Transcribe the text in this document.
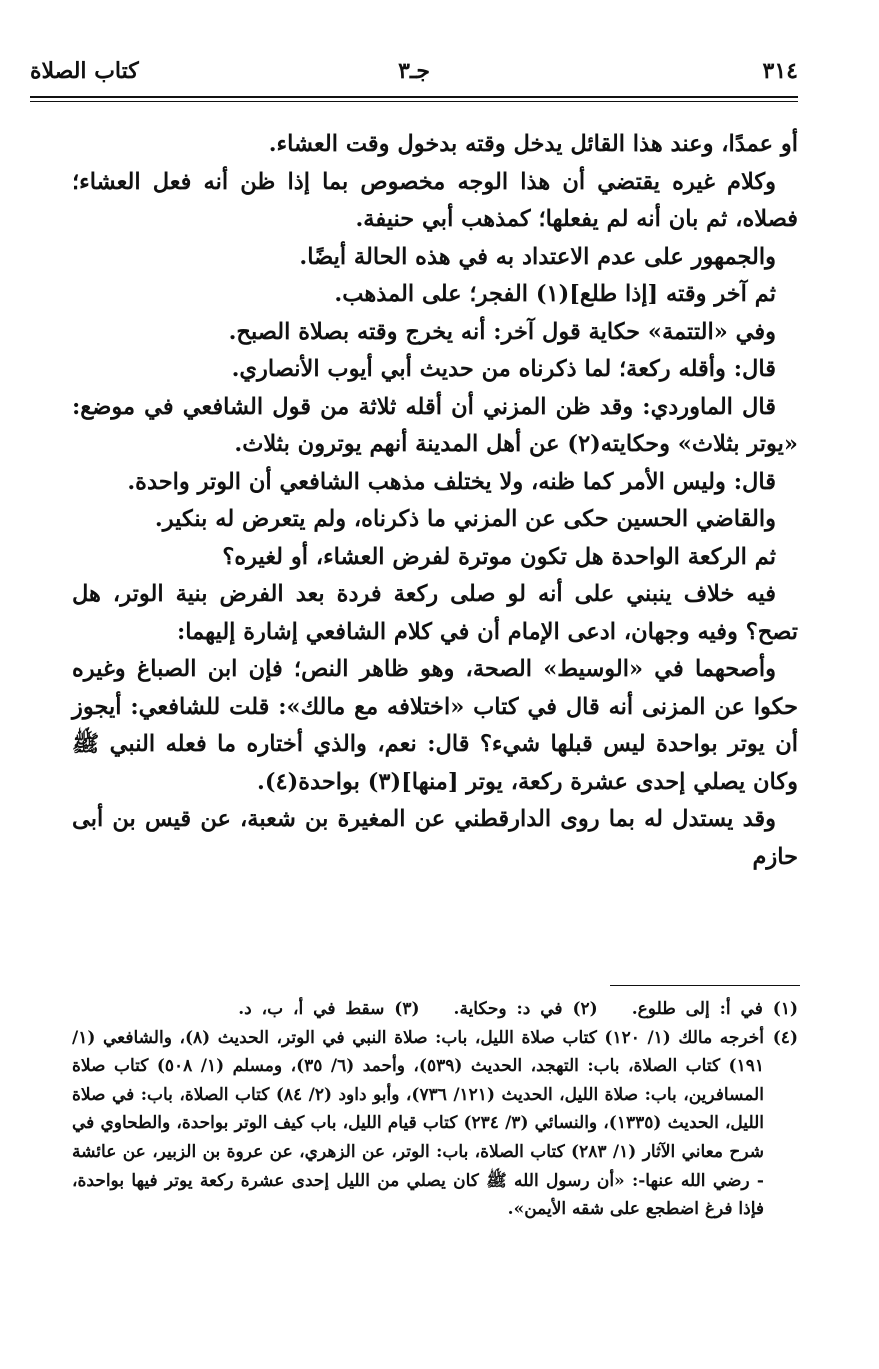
٣١٤
جـ٣
كتاب الصلاة

أو عمدًا، وعند هذا القائل يدخل وقته بدخول وقت العشاء.

وكلام غيره يقتضي أن هذا الوجه مخصوص بما إذا ظن أنه فعل العشاء؛ فصلاه، ثم بان أنه لم يفعلها؛ كمذهب أبي حنيفة.

والجمهور على عدم الاعتداد به في هذه الحالة أيضًا.

ثم آخر وقته [إذا طلع](١) الفجر؛ على المذهب.

وفي «التتمة» حكاية قول آخر: أنه يخرج وقته بصلاة الصبح.

قال: وأقله ركعة؛ لما ذكرناه من حديث أبي أيوب الأنصاري.

قال الماوردي: وقد ظن المزني أن أقله ثلاثة من قول الشافعي في موضع: «يوتر بثلاث» وحكايته(٢) عن أهل المدينة أنهم يوترون بثلاث.

قال: وليس الأمر كما ظنه، ولا يختلف مذهب الشافعي أن الوتر واحدة.

والقاضي الحسين حكى عن المزني ما ذكرناه، ولم يتعرض له بنكير.

ثم الركعة الواحدة هل تكون موترة لفرض العشاء، أو لغيره؟

فيه خلاف ينبني على أنه لو صلى ركعة فردة بعد الفرض بنية الوتر، هل تصح؟ وفيه وجهان، ادعى الإمام أن في كلام الشافعي إشارة إليهما:

وأصحهما في «الوسيط» الصحة، وهو ظاهر النص؛ فإن ابن الصباغ وغيره حكوا عن المزنى أنه قال في كتاب «اختلافه مع مالك»: قلت للشافعي: أيجوز أن يوتر بواحدة ليس قبلها شيء؟ قال: نعم، والذي أختاره ما فعله النبي ﷺ وكان يصلي إحدى عشرة ركعة، يوتر [منها](٣) بواحدة(٤).

وقد يستدل له بما روى الدارقطني عن المغيرة بن شعبة، عن قيس بن أبى حازم

(١) في أ: إلى طلوع.(٢) في د: وحكاية.(٣) سقط في أ، ب، د.
(٤)أخرجه مالك (١/ ١٢٠) كتاب صلاة الليل، باب: صلاة النبي في الوتر، الحديث (٨)، والشافعي (١/ ١٩١) كتاب الصلاة، باب: التهجد، الحديث (٥٣٩)، وأحمد (٦/ ٣٥)، ومسلم (١/ ٥٠٨) كتاب صلاة المسافرين، باب: صلاة الليل، الحديث (١٢١/ ٧٣٦)، وأبو داود (٢/ ٨٤) كتاب الصلاة، باب: في صلاة الليل، الحديث (١٣٣٥)، والنسائي (٣/ ٢٣٤) كتاب قيام الليل، باب كيف الوتر بواحدة، والطحاوي في شرح معاني الآثار (١/ ٢٨٣) كتاب الصلاة، باب: الوتر، عن الزهري، عن عروة بن الزبير، عن عائشة - رضي الله عنها-: «أن رسول الله ﷺ كان يصلي من الليل إحدى عشرة ركعة يوتر فيها بواحدة، فإذا فرغ اضطجع على شقه الأيمن».
